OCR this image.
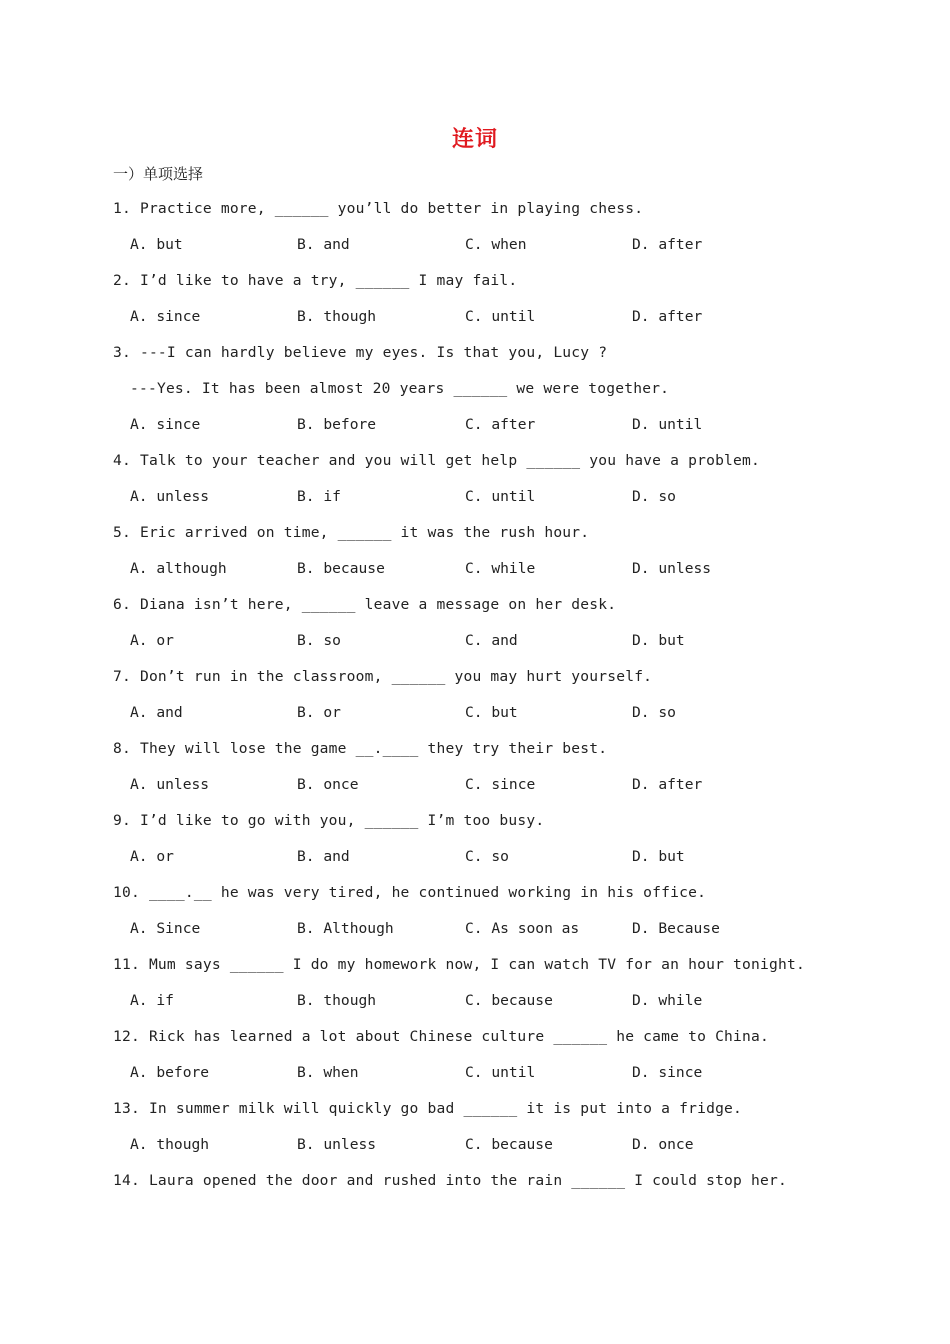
连词
一）单项选择
1. Practice more, ______ you’ll do better in playing chess.
A. but	B. and	C. when	D. after
2. I’d like to have a try, ______ I may fail.
A. since	B. though	C. until	D. after
3. ---I can hardly believe my eyes. Is that you, Lucy ?
---Yes. It has been almost 20 years ______ we were together.
A. since	B. before	C. after	D. until
4. Talk to your teacher and you will get help ______ you have a problem.
A. unless	B. if	C. until	D. so
5. Eric arrived on time, ______ it was the rush hour.
A. although	B. because	C. while	D. unless
6. Diana isn’t here, ______ leave a message on her desk.
A. or	B. so	C. and	D. but
7. Don’t run in the classroom, ______ you may hurt yourself.
A. and	B. or	C. but	D. so
8. They will lose the game __.____ they try their best.
A. unless	B. once	C. since	D. after
9. I’d like to go with you, ______ I’m too busy.
A. or	B. and	C. so	D. but
10. ____.__ he was very tired, he continued working in his office.
A. Since	B. Although	C. As soon as	D. Because
11. Mum says ______ I do my homework now, I can watch TV for an hour tonight.
A. if	B. though	C. because	D. while
12. Rick has learned a lot about Chinese culture ______ he came to China.
A. before	B. when	C. until	D. since
13. In summer milk will quickly go bad ______ it is put into a fridge.
A. though	B. unless	C. because	D. once
14. Laura opened the door and rushed into the rain ______ I could stop her.
